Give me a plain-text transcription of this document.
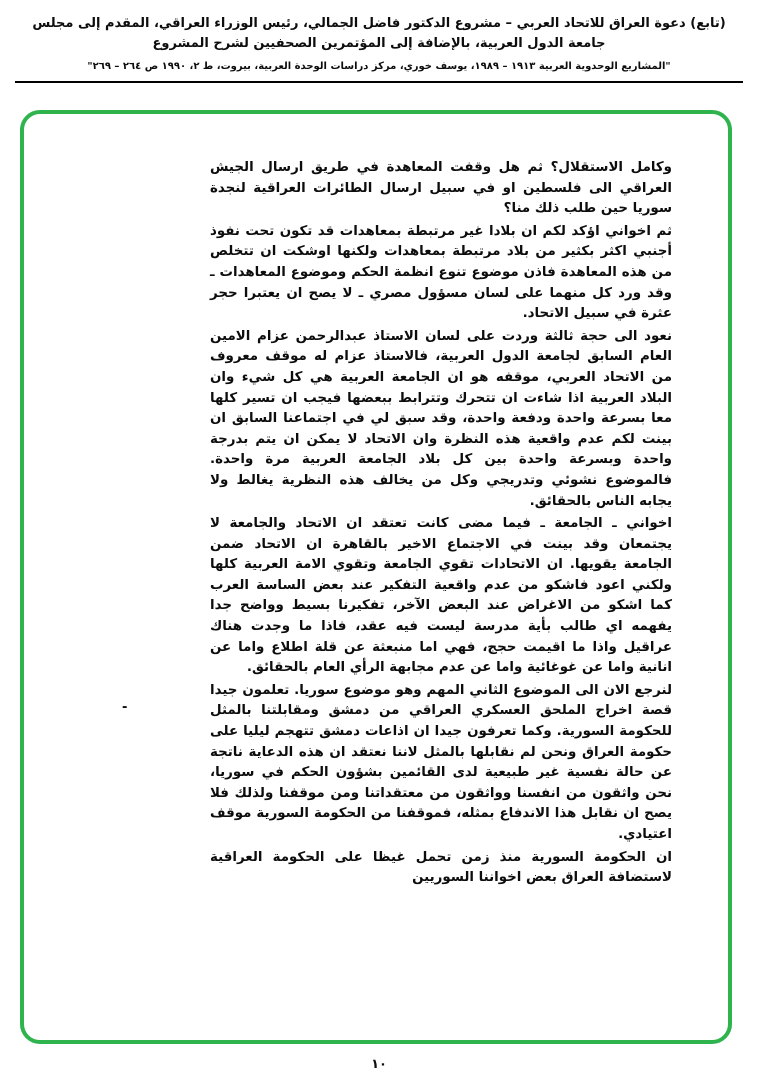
(تابع) دعوة العراق للاتحاد العربي – مشروع الدكتور فاضل الجمالي، رئيس الوزراء العراقي، المقدم إلى مجلس جامعة الدول العربية، بالإضافة إلى المؤتمرين الصحفيين لشرح المشروع
"المشاريع الوحدوية العربية ١٩١٣ – ١٩٨٩، يوسف خوري، مركز دراسات الوحدة العربية، بيروت، ط ٢، ١٩٩٠ ص ٢٦٤ – ٢٦٩"

وكامل الاستقلال؟ ثم هل وقفت المعاهدة في طريق ارسال الجيش العراقي الى فلسطين او في سبيل ارسال الطائرات العراقية لنجدة سوريا حين طلب ذلك منا؟

ثم اخواني اؤكد لكم ان بلادا غير مرتبطة بمعاهدات قد تكون تحت نفوذ أجنبي اكثر بكثير من بلاد مرتبطة بمعاهدات ولكنها اوشكت ان تتخلص من هذه المعاهدة فاذن موضوع تنوع انظمة الحكم وموضوع المعاهدات ـ وقد ورد كل منهما على لسان مسؤول مصري ـ لا يصح ان يعتبرا حجر عثرة في سبيل الاتحاد.

نعود الى حجة ثالثة وردت على لسان الاستاذ عبدالرحمن عزام الامين العام السابق لجامعة الدول العربية، فالاستاذ عزام له موقف معروف من الاتحاد العربي، موقفه هو ان الجامعة العربية هي كل شيء وان البلاد العربية اذا شاءت ان تتحرك وتترابط ببعضها فيجب ان تسير كلها معا بسرعة واحدة ودفعة واحدة، وقد سبق لي في اجتماعنا السابق ان بينت لكم عدم واقعية هذه النظرة وان الاتحاد لا يمكن ان يتم بدرجة واحدة وبسرعة واحدة بين كل بلاد الجامعة العربية مرة واحدة. فالموضوع نشوئي وتدريجي وكل من يخالف هذه النظرية يغالط ولا يجابه الناس بالحقائق.

اخواني ـ الجامعة ـ فيما مضى كانت تعتقد ان الاتحاد والجامعة لا يجتمعان وقد بينت في الاجتماع الاخير بالقاهرة ان الاتحاد ضمن الجامعة يقويها. ان الاتحادات تقوي الجامعة وتقوي الامة العربية كلها ولكني اعود فاشكو من عدم واقعية التفكير عند بعض الساسة العرب كما اشكو من الاغراض عند البعض الآخر، تفكيرنا بسيط وواضح جدا يفهمه اي طالب بأية مدرسة ليست فيه عقد، فاذا ما وجدت هناك عراقيل واذا ما اقيمت حجج، فهي اما منبعثة عن قلة اطلاع واما عن انانية واما عن غوغائية واما عن عدم مجابهة الرأي العام بالحقائق.

لنرجع الان الى الموضوع الثاني المهم وهو موضوع سوريا. تعلمون جيدا قصة اخراج الملحق العسكري العراقي من دمشق ومقابلتنا بالمثل للحكومة السورية. وكما تعرفون جيدا ان اذاعات دمشق تتهجم ليليا على حكومة العراق ونحن لم نقابلها بالمثل لاننا نعتقد ان هذه الدعاية ناتجة عن حالة نفسية غير طبيعية لدى القائمين بشؤون الحكم في سوريا، نحن واثقون من انفسنا وواثقون من معتقداتنا ومن موقفنا ولذلك فلا يصح ان نقابل هذا الاندفاع بمثله، فموقفنا من الحكومة السورية موقف اعتيادي.

ان الحكومة السورية منذ زمن تحمل غيظا على الحكومة العراقية لاستضافة العراق بعض اخواننا السوريين

-
١٠
